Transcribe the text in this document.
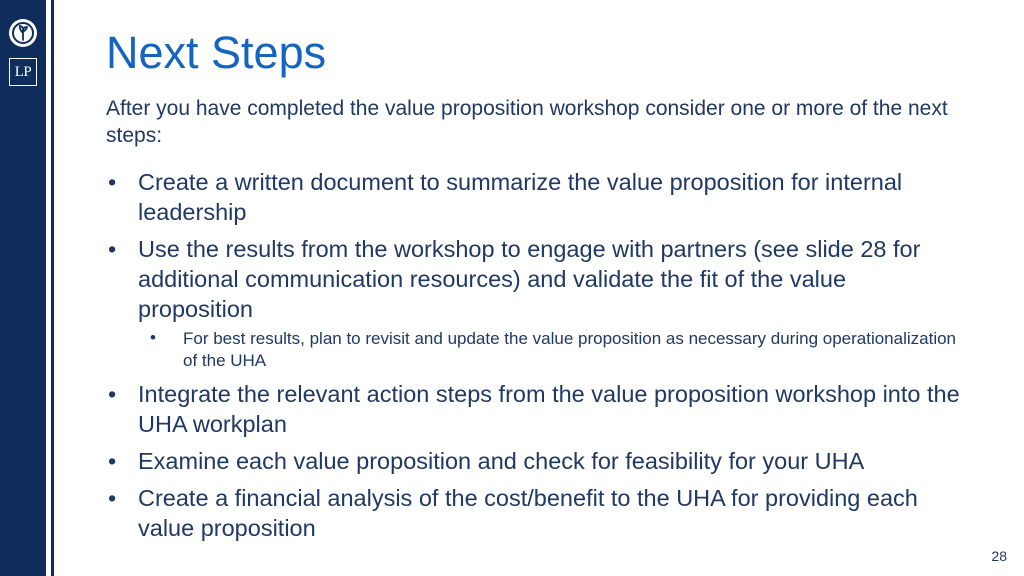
LP Next Steps

After you have completed the value proposition workshop consider one or more of the next steps:

• Create a written document to summarize the value proposition for internal leadership
• Use the results from the workshop to engage with partners (see slide 28 for additional communication resources) and validate the fit of the value proposition
• For best results, plan to revisit and update the value proposition as necessary during operationalization of the UHA
• Integrate the relevant action steps from the value proposition workshop into the UHA workplan
• Examine each value proposition and check for feasibility for your UHA
• Create a financial analysis of the cost/benefit to the UHA for providing each value proposition
28
